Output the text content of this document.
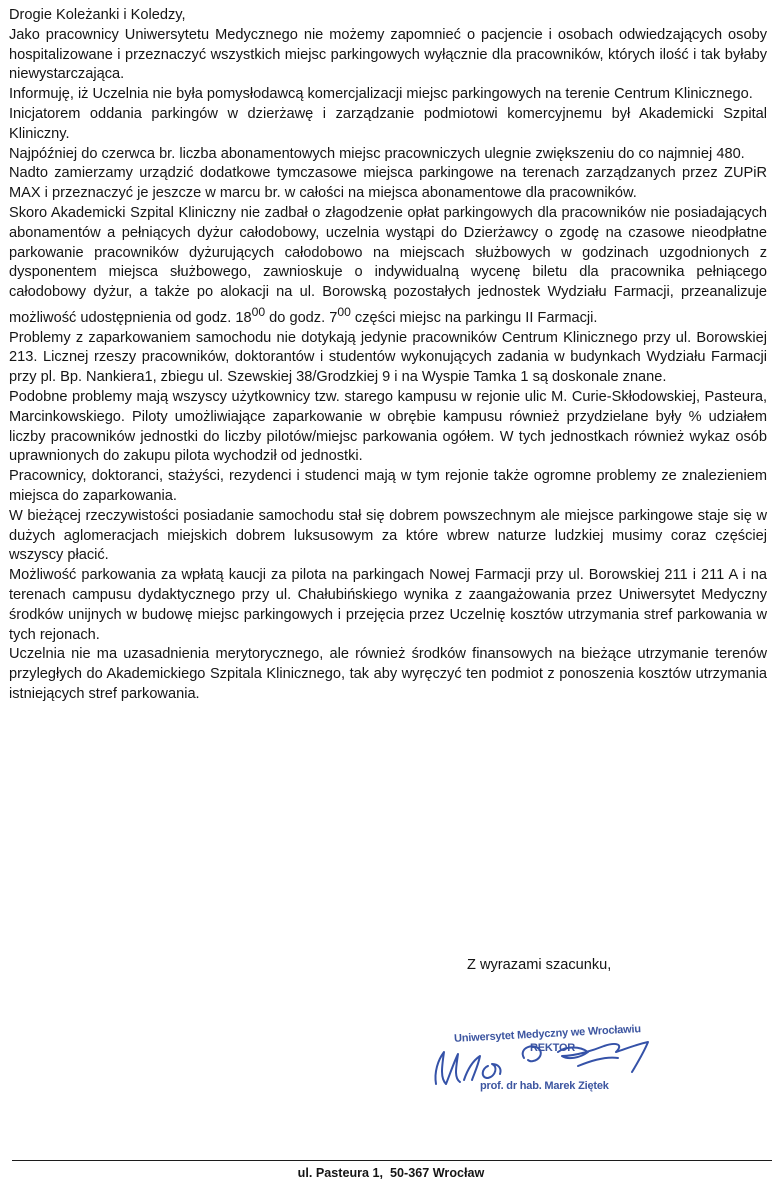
Drogie Koleżanki i Koledzy,

Jako pracownicy Uniwersytetu Medycznego nie możemy zapomnieć o pacjencie i osobach odwiedzających osoby hospitalizowane i przeznaczyć wszystkich miejsc parkingowych wyłącznie dla pracowników, których ilość i tak byłaby niewystarczająca.

Informuję, iż Uczelnia nie była pomysłodawcą komercjalizacji miejsc parkingowych na terenie Centrum Klinicznego.

Inicjatorem oddania parkingów w dzierżawę i zarządzanie podmiotowi komercyjnemu był Akademicki Szpital Kliniczny.

Najpóźniej do czerwca br. liczba abonamentowych miejsc pracowniczych ulegnie zwiększeniu do co najmniej 480.

Nadto zamierzamy urządzić dodatkowe tymczasowe miejsca parkingowe na terenach zarządzanych przez ZUPiR MAX i przeznaczyć je jeszcze w marcu br. w całości na miejsca abonamentowe dla pracowników.

Skoro Akademicki Szpital Kliniczny nie zadbał o złagodzenie opłat parkingowych dla pracowników nie posiadających abonamentów a pełniących dyżur całodobowy, uczelnia wystąpi do Dzierżawcy o zgodę na czasowe nieodpłatne parkowanie pracowników dyżurujących całodobowo na miejscach służbowych w godzinach uzgodnionych z dysponentem miejsca służbowego, zawnioskuje o indywidualną wycenę biletu dla pracownika pełniącego całodobowy dyżur, a także po alokacji na ul. Borowską pozostałych jednostek Wydziału Farmacji, przeanalizuje możliwość udostępnienia od godz. $18^{00}$ do godz. $7^{00}$ części miejsc na parkingu II Farmacji.

Problemy z zaparkowaniem samochodu nie dotykają jedynie pracowników Centrum Klinicznego przy ul. Borowskiej 213. Licznej rzeszy pracowników, doktorantów i studentów wykonujących zadania w budynkach Wydziału Farmacji przy pl. Bp. Nankiera1, zbiegu ul. Szewskiej 38/Grodzkiej 9 i na Wyspie Tamka 1 są doskonale znane.

Podobne problemy mają wszyscy użytkownicy tzw. starego kampusu w rejonie ulic M. Curie-Skłodowskiej, Pasteura, Marcinkowskiego. Piloty umożliwiające zaparkowanie w obrębie kampusu również przydzielane były % udziałem liczby pracowników jednostki do liczby pilotów/miejsc parkowania ogółem. W tych jednostkach również wykaz osób uprawnionych do zakupu pilota wychodził od jednostki.

Pracownicy, doktoranci, stażyści, rezydenci i studenci mają w tym rejonie także ogromne problemy ze znalezieniem miejsca do zaparkowania.

W bieżącej rzeczywistości posiadanie samochodu stał się dobrem powszechnym ale miejsce parkingowe staje się w dużych aglomeracjach miejskich dobrem luksusowym za które wbrew naturze ludzkiej musimy coraz częściej wszyscy płacić.

Możliwość parkowania za wpłatą kaucji za pilota na parkingach Nowej Farmacji przy ul. Borowskiej 211 i 211 A i na terenach campusu dydaktycznego przy ul. Chałubińskiego wynika z zaangażowania przez Uniwersytet Medyczny środków unijnych w budowę miejsc parkingowych i przejęcia przez Uczelnię kosztów utrzymania stref parkowania w tych rejonach.

Uczelnia nie ma uzasadnienia merytorycznego, ale również środków finansowych na bieżące utrzymanie terenów przyległych do Akademickiego Szpitala Klinicznego, tak aby wyręczyć ten podmiot z ponoszenia kosztów utrzymania istniejących stref parkowania.

Z wyrazami szacunku,
Uniwersytet Medyczny we Wrocławiu
REKTOR
prof. dr hab. Marek Ziętek
ul. Pasteura 1,  50-367 Wrocław
